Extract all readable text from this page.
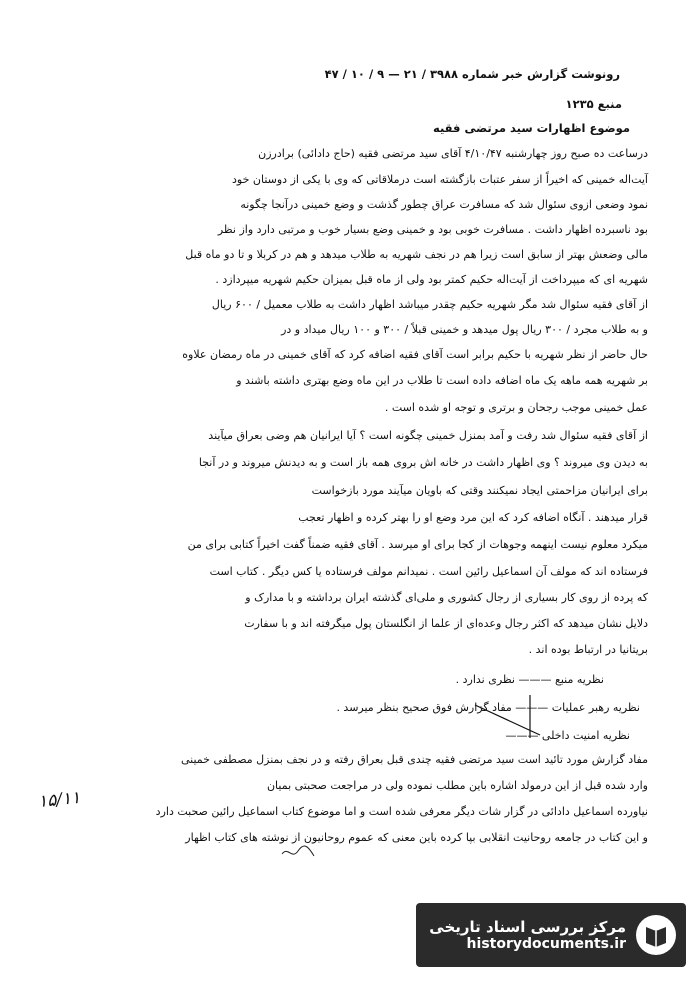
رونوشت گزارش خبر شماره ۳۹۸۸ / ۲۱ — ۹ / ۱۰ / ۴۷
منبع ۱۲۳۵
موضوع اظهارات سید مرتضی فقیه
درساعت ده صبح روز چهارشنبه ۴/۱۰/۴۷ آقای سید مرتضی فقیه (حاج دادائی) برادرزن
آیت‌اله خمینی که اخیراً از سفر عتبات بازگشته است درملاقاتی که وی با یکی از دوستان خود
نمود وضعی ازوی سئوال شد که مسافرت عراق چطور گذشت و وضع خمینی درآنجا چگونه
بود ناسبرده اظهار داشت . مسافرت خوبی بود و خمینی وضع بسیار خوب و مرتبی دارد واز نظر
مالی وضعش بهتر از سابق است زیرا هم در نجف شهریه به طلاب میدهد و هم در کربلا و تا دو ماه قبل
شهریه ای که میپرداخت از آیت‌اله حکیم کمتر بود ولی از ماه قبل بمیزان حکیم شهریه میپردازد .
از آقای فقیه سئوال شد مگر شهریه حکیم چقدر میباشد اظهار داشت به طلاب معمیل / ۶۰۰ ریال
و به طلاب مجرد / ۳۰۰ ریال پول میدهد و خمینی قبلاً / ۳۰۰ و ۱۰۰ ریال میداد و در
حال حاضر از نظر شهریه با حکیم برابر است آقای فقیه اضافه کرد که آقای خمینی در ماه رمضان علاوه
بر شهریه همه ماهه یک ماه اضافه داده است تا طلاب در این ماه وضع بهتری داشته باشند و
عمل خمینی موجب رجحان و برتری و توجه او شده است .
از آقای فقیه سئوال شد رفت و آمد بمنزل خمینی چگونه است ؟ آیا ایرانیان هم وضی بعراق میآیند
به دیدن وی میروند ؟ وی اظهار داشت در خانه اش بروی همه باز است و به دیدنش میروند و در آنجا
برای ایرانیان مزاحمتی ایجاد نمیکنند وقتی که باویان میآیند مورد بازخواست
قرار میدهند . آنگاه اضافه کرد که این مرد وضع او را بهتر کرده و اظهار تعجب
میکرد معلوم نیست اینهمه وجوهات از کجا برای او میرسد . آقای فقیه ضمناً گفت اخیراً کتابی برای من
فرستاده اند که مولف آن اسماعیل رائین است . نمیدانم مولف فرستاده یا کس دیگر . کتاب است
که پرده از روی کار بسیاری از رجال کشوری و ملی‌ای گذشته ایران برداشته و با مدارک و
دلایل نشان میدهد که اکثر رجال وعده‌ای از علما از انگلستان پول میگرفته اند و با سفارت
بریتانیا در ارتباط بوده اند .
نظریه منبع ——— نظری ندارد .
نظریه رهبر عملیات ——— مفاد گزارش فوق صحیح بنظر میرسد .
نظریه امنیت داخلی ———
مفاد گزارش مورد تائید است سید مرتضی فقیه چندی قبل بعراق رفته و در نجف بمنزل مصطفی خمینی
وارد شده قبل از این درمولد اشاره باین مطلب نموده ولی در مراجعت صحبتی بمیان
نیاورده اسماعیل دادائی در گزار شات دیگر معرفی شده است و اما موضوع کتاب اسماعیل رائین صحبت دارد
و این کتاب در جامعه روحانیت انقلابی بپا کرده باین معنی که عموم روحانیون از نوشته های کتاب اظهار
۱۵/۱۱
مرکز بررسی اسناد تاریخی
historydocuments.ir
